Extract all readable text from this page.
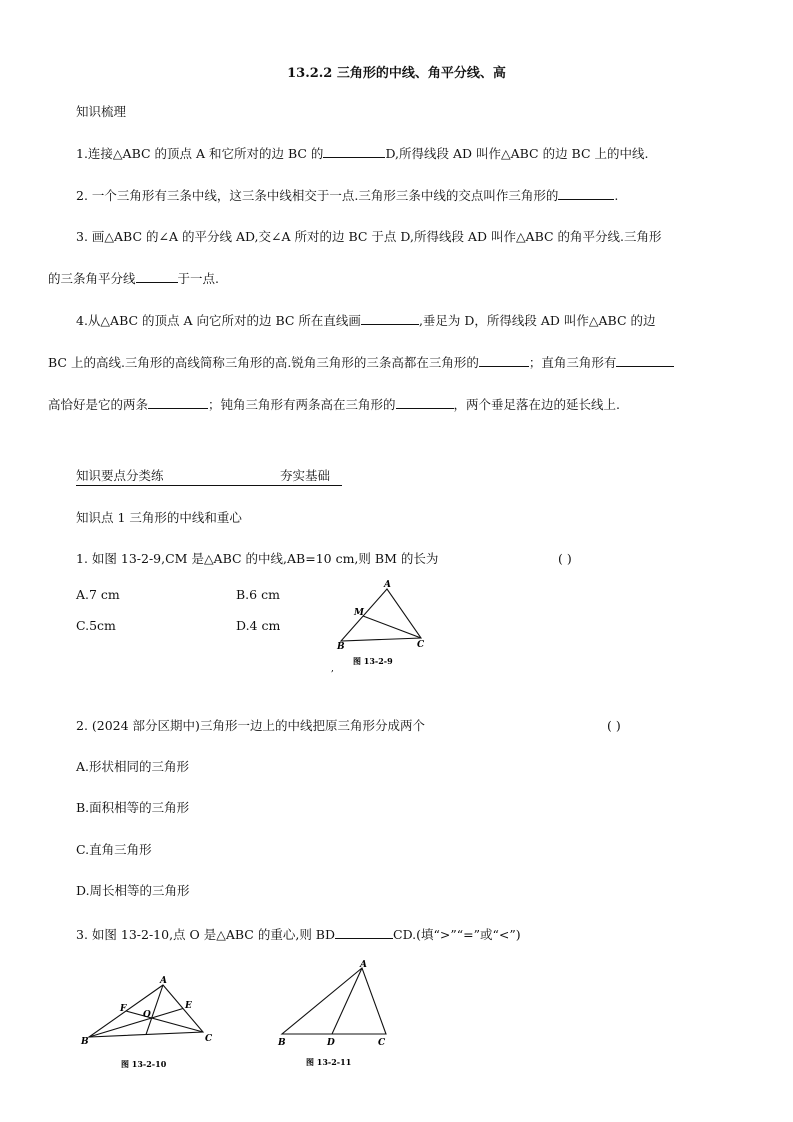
13.2.2 三角形的中线、角平分线、高
知识梳理
1.连接△ABC 的顶点 A 和它所对的边 BC 的	D,所得线段 AD 叫作△ABC 的边 BC 上的中线.
2. 一个三角形有三条中线，这三条中线相交于一点.三角形三条中线的交点叫作三角形的	.
3. 画△ABC 的∠A 的平分线 AD,交∠A 所对的边 BC 于点 D,所得线段 AD 叫作△ABC 的角平分线.三角形
的三条角平分线	于一点.
4.从△ABC 的顶点 A 向它所对的边 BC 所在直线画	,垂足为 D，所得线段 AD 叫作△ABC 的边
BC 上的高线.三角形的高线简称三角形的高.锐角三角形的三条高都在三角形的	；直角三角形有
高恰好是它的两条	；钝角三角形有两条高在三角形的	，两个垂足落在边的延长线上.
知识要点分类练	夯实基础
知识点 1 三角形的中线和重心
1. 如图 13-2-9,CM 是△ABC 的中线,AB=10 cm,则 BM 的长为	( )
A.7 cm	B.6 cm
C.5cm	D.4 cm
A
M
B	C
图 13-2-9
,
2. (2024 部分区期中)三角形一边上的中线把原三角形分成两个	( )
A.形状相同的三角形
B.面积相等的三角形
C.直角三角形
D.周长相等的三角形
3. 如图 13-2-10,点 O 是△ABC 的重心,则 BD	CD.(填“>”“=”或“<”)
A
F	E
O
B	C
图 13-2-10
A
B	D	C
图 13-2-11
